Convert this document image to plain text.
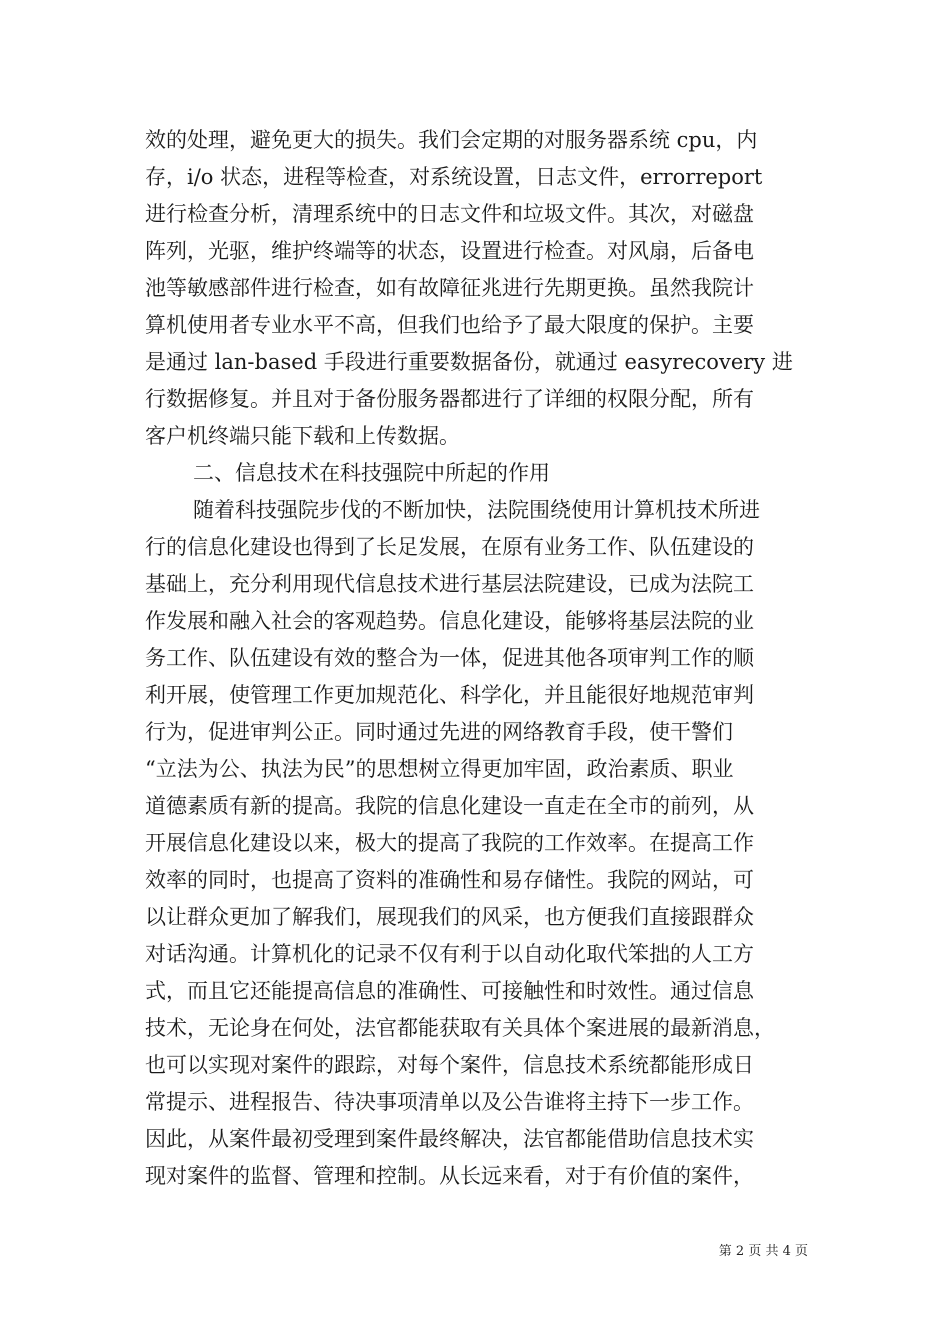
效的处理，避免更大的损失。我们会定期的对服务器系统 cpu，内
存，i/o 状态，进程等检查，对系统设置，日志文件，errorreport
进行检查分析，清理系统中的日志文件和垃圾文件。其次，对磁盘
阵列，光驱，维护终端等的状态，设置进行检查。对风扇，后备电
池等敏感部件进行检查，如有故障征兆进行先期更换。虽然我院计
算机使用者专业水平不高，但我们也给予了最大限度的保护。主要
是通过 lan-based 手段进行重要数据备份，就通过 easyrecovery 进
行数据修复。并且对于备份服务器都进行了详细的权限分配，所有
客户机终端只能下载和上传数据。
二、信息技术在科技强院中所起的作用
随着科技强院步伐的不断加快，法院围绕使用计算机技术所进
行的信息化建设也得到了长足发展，在原有业务工作、队伍建设的
基础上，充分利用现代信息技术进行基层法院建设，已成为法院工
作发展和融入社会的客观趋势。信息化建设，能够将基层法院的业
务工作、队伍建设有效的整合为一体，促进其他各项审判工作的顺
利开展，使管理工作更加规范化、科学化，并且能很好地规范审判
行为，促进审判公正。同时通过先进的网络教育手段，使干警们
“立法为公、执法为民”的思想树立得更加牢固，政治素质、职业
道德素质有新的提高。我院的信息化建设一直走在全市的前列，从
开展信息化建设以来，极大的提高了我院的工作效率。在提高工作
效率的同时，也提高了资料的准确性和易存储性。我院的网站，可
以让群众更加了解我们，展现我们的风采，也方便我们直接跟群众
对话沟通。计算机化的记录不仅有利于以自动化取代笨拙的人工方
式，而且它还能提高信息的准确性、可接触性和时效性。通过信息
技术，无论身在何处，法官都能获取有关具体个案进展的最新消息，
也可以实现对案件的跟踪，对每个案件，信息技术系统都能形成日
常提示、进程报告、待决事项清单以及公告谁将主持下一步工作。
因此，从案件最初受理到案件最终解决，法官都能借助信息技术实
现对案件的监督、管理和控制。从长远来看，对于有价值的案件，
第 2 页 共 4 页
